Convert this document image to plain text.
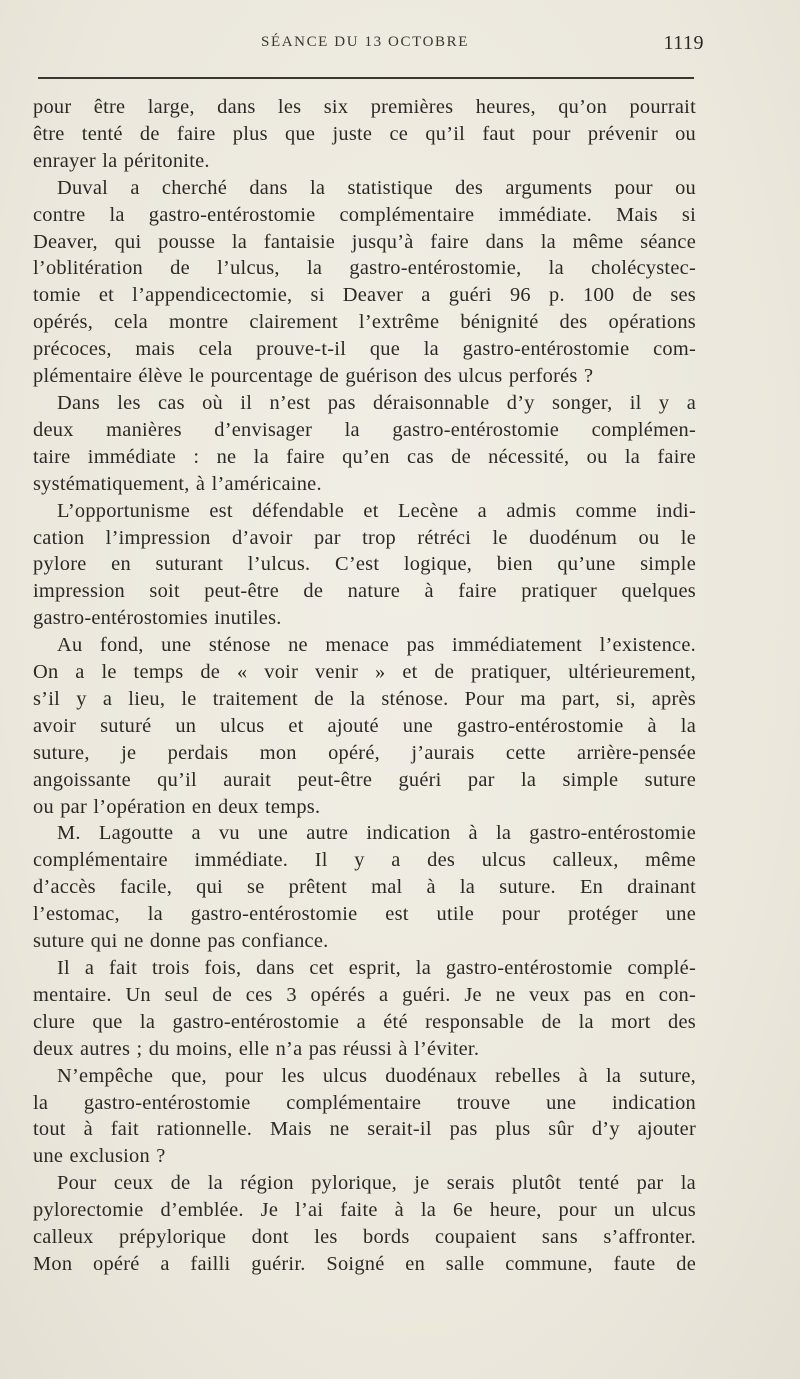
SÉANCE DU 13 OCTOBRE	1119
pour être large, dans les six premières heures, qu’on pourrait
être tenté de faire plus que juste ce qu’il faut pour prévenir ou
enrayer la péritonite.
Duval a cherché dans la statistique des arguments pour ou
contre la gastro-entérostomie complémentaire immédiate. Mais si
Deaver, qui pousse la fantaisie jusqu’à faire dans la même séance
l’oblitération de l’ulcus, la gastro-entérostomie, la cholécystec-
tomie et l’appendicectomie, si Deaver a guéri 96 p. 100 de ses
opérés, cela montre clairement l’extrême bénignité des opérations
précoces, mais cela prouve-t-il que la gastro-entérostomie com-
plémentaire élève le pourcentage de guérison des ulcus perforés ?
Dans les cas où il n’est pas déraisonnable d’y songer, il y a
deux manières d’envisager la gastro-entérostomie complémen-
taire immédiate : ne la faire qu’en cas de nécessité, ou la faire
systématiquement, à l’américaine.
L’opportunisme est défendable et Lecène a admis comme indi-
cation l’impression d’avoir par trop rétréci le duodénum ou le
pylore en suturant l’ulcus. C’est logique, bien qu’une simple
impression soit peut-être de nature à faire pratiquer quelques
gastro-entérostomies inutiles.
Au fond, une sténose ne menace pas immédiatement l’existence.
On a le temps de « voir venir » et de pratiquer, ultérieurement,
s’il y a lieu, le traitement de la sténose. Pour ma part, si, après
avoir suturé un ulcus et ajouté une gastro-entérostomie à la
suture, je perdais mon opéré, j’aurais cette arrière-pensée
angoissante qu’il aurait peut-être guéri par la simple suture
ou par l’opération en deux temps.
M. Lagoutte a vu une autre indication à la gastro-entérostomie
complémentaire immédiate. Il y a des ulcus calleux, même
d’accès facile, qui se prêtent mal à la suture. En drainant
l’estomac, la gastro-entérostomie est utile pour protéger une
suture qui ne donne pas confiance.
Il a fait trois fois, dans cet esprit, la gastro-entérostomie complé-
mentaire. Un seul de ces 3 opérés a guéri. Je ne veux pas en con-
clure que la gastro-entérostomie a été responsable de la mort des
deux autres ; du moins, elle n’a pas réussi à l’éviter.
N’empêche que, pour les ulcus duodénaux rebelles à la suture,
la gastro-entérostomie complémentaire trouve une indication
tout à fait rationnelle. Mais ne serait-il pas plus sûr d’y ajouter
une exclusion ?
Pour ceux de la région pylorique, je serais plutôt tenté par la
pylorectomie d’emblée. Je l’ai faite à la 6e heure, pour un ulcus
calleux prépylorique dont les bords coupaient sans s’affronter.
Mon opéré a failli guérir. Soigné en salle commune, faute de
